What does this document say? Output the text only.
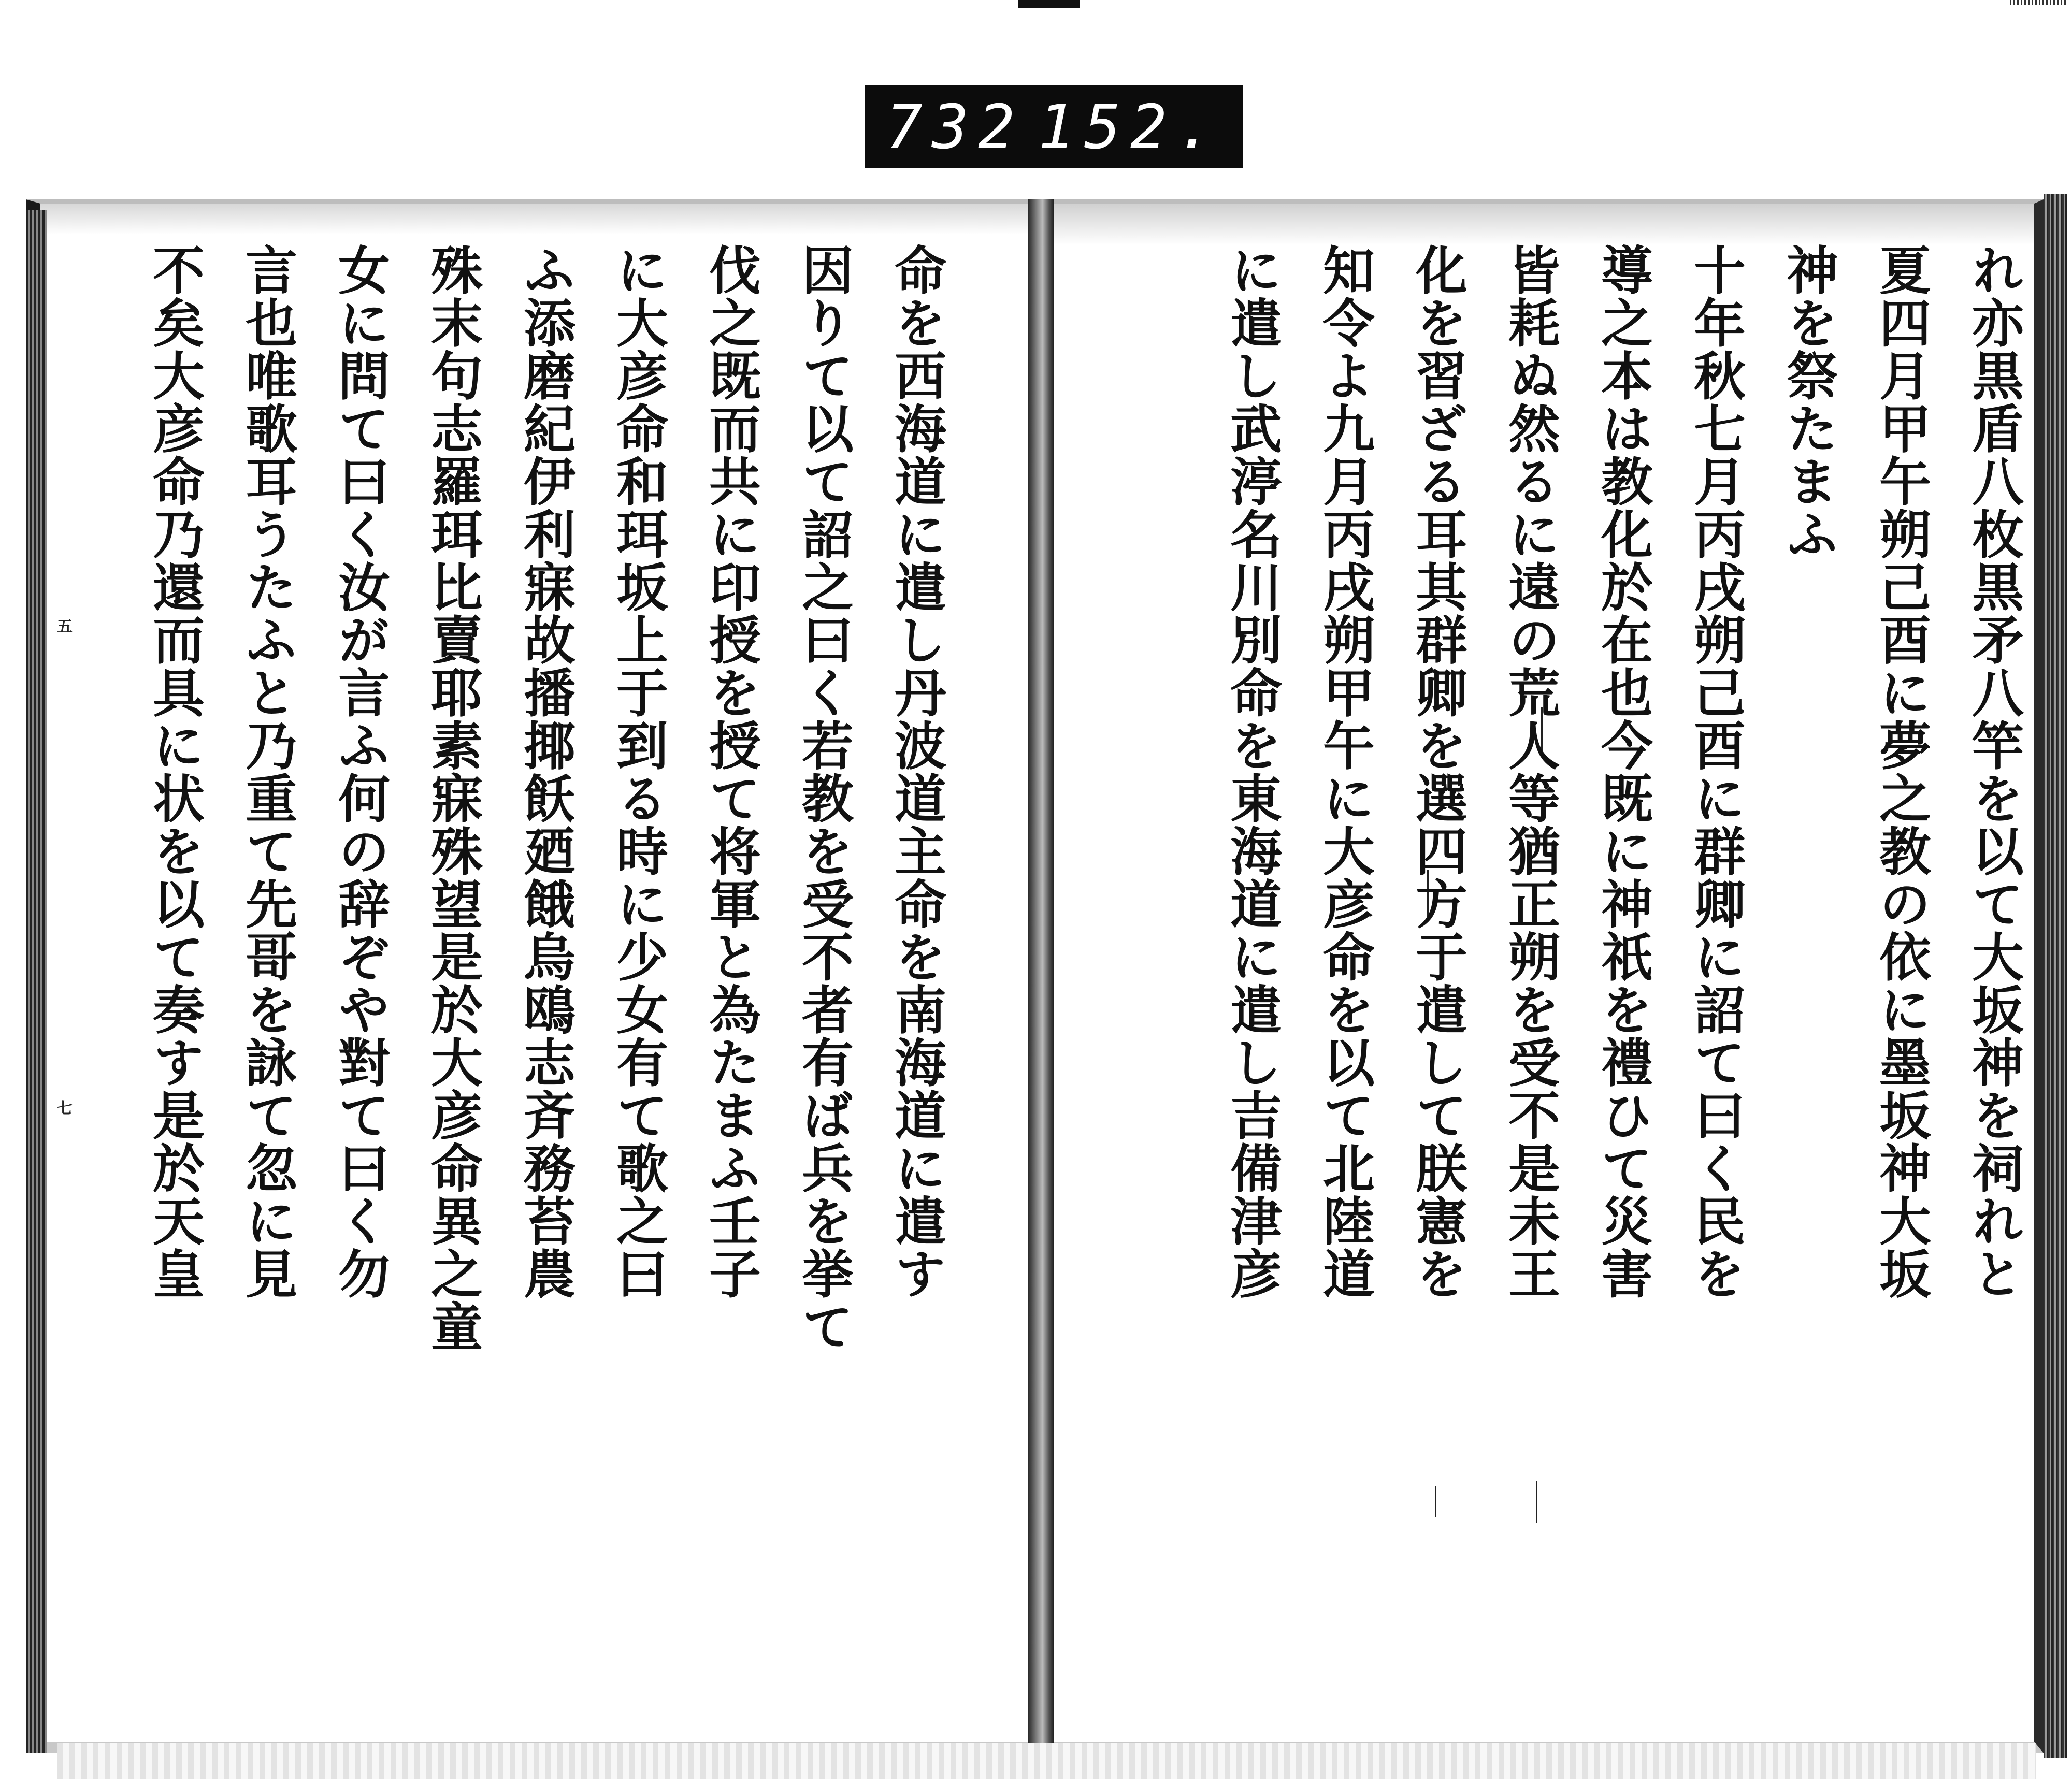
732 152.
五
七	命を西海道に遣し丹波道主命を南海道に遣す

因りて以て詔之曰く若教を受不者有ば兵を挙て

伐之既而共に印授を授て将軍と為たまふ壬子

に大彦命和珥坂上于到る時に少女有て歌之曰

ふ添磨紀伊利寐故播揶飫廼餓烏鴎志斉務苔農

殊末句志羅珥比賣耶素寐殊望是於大彦命異之童

女に問て曰く汝が言ふ何の辞ぞや對て曰く勿

言也唯歌耳うたふと乃重て先哥を詠て忽に見

不矣大彦命乃還而具に状を以て奏す是於天皇	れ亦黒盾八枚黒矛八竿を以て大坂神を祠れと

夏四月甲午朔己酉に夢之教の依に墨坂神大坂

神を祭たまふ

十年秋七月丙戌朔己酉に群卿に詔て曰く民を

導之本は教化於在也今既に神祇を禮ひて災害

皆耗ぬ然るに遠の荒人等猶正朔を受不是未王

化を習ざる耳其群卿を選四方于遣して朕憲を

知令よ九月丙戌朔甲午に大彦命を以て北陸道

に遣し武渟名川別命を東海道に遣し吉備津彦
